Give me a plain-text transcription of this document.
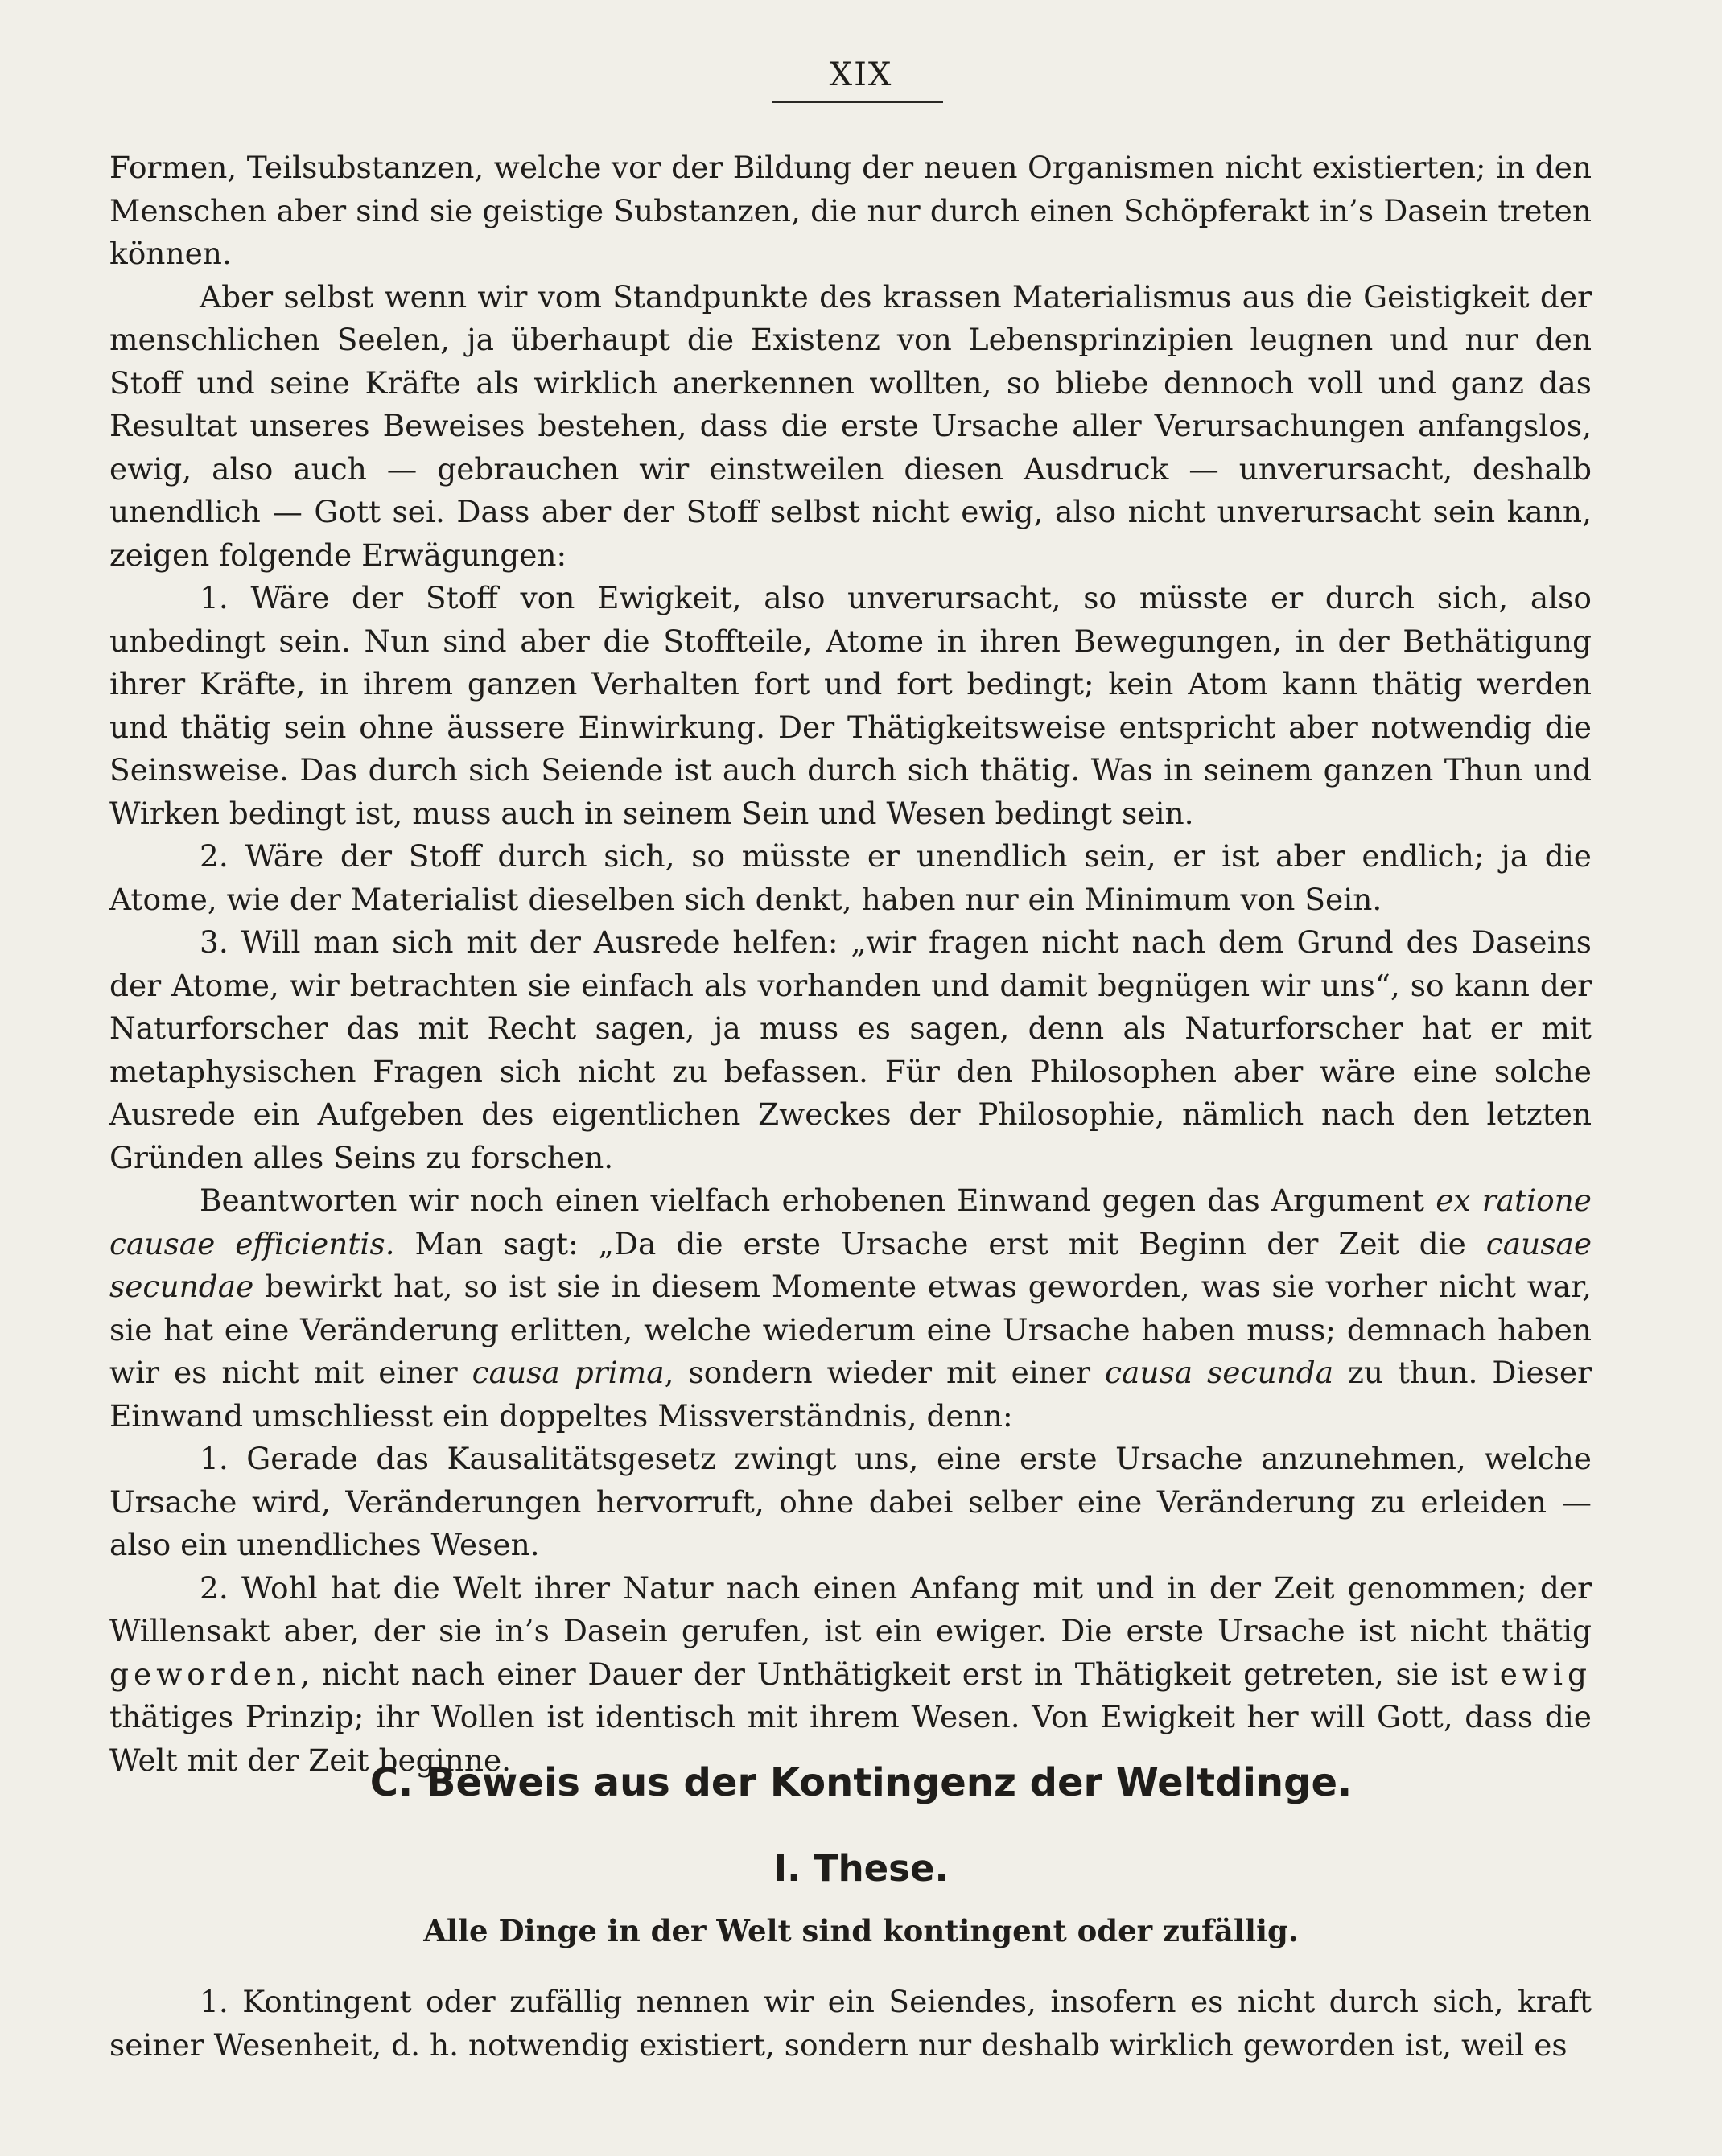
XIX

Formen, Teilsubstanzen, welche vor der Bildung der neuen Organismen nicht existierten; in den Menschen aber sind sie geistige Substanzen, die nur durch einen Schöpferakt in’s Dasein treten können.

Aber selbst wenn wir vom Standpunkte des krassen Materialismus aus die Geistigkeit der menschlichen Seelen, ja überhaupt die Existenz von Lebensprinzipien leugnen und nur den Stoff und seine Kräfte als wirklich anerkennen wollten, so bliebe dennoch voll und ganz das Resultat unseres Beweises bestehen, dass die erste Ursache aller Verursachungen anfangslos, ewig, also auch — gebrauchen wir einstweilen diesen Ausdruck — unverursacht, deshalb unendlich — Gott sei. Dass aber der Stoff selbst nicht ewig, also nicht unverursacht sein kann, zeigen folgende Erwägungen:

1. Wäre der Stoff von Ewigkeit, also unverursacht, so müsste er durch sich, also unbedingt sein. Nun sind aber die Stoffteile, Atome in ihren Bewegungen, in der Bethätigung ihrer Kräfte, in ihrem ganzen Verhalten fort und fort bedingt; kein Atom kann thätig werden und thätig sein ohne äussere Einwirkung. Der Thätigkeitsweise entspricht aber notwendig die Seinsweise. Das durch sich Seiende ist auch durch sich thätig. Was in seinem ganzen Thun und Wirken bedingt ist, muss auch in seinem Sein und Wesen bedingt sein.

2. Wäre der Stoff durch sich, so müsste er unendlich sein, er ist aber endlich; ja die Atome, wie der Materialist dieselben sich denkt, haben nur ein Minimum von Sein.

3. Will man sich mit der Ausrede helfen: „wir fragen nicht nach dem Grund des Daseins der Atome, wir betrachten sie einfach als vorhanden und damit begnügen wir uns“, so kann der Naturforscher das mit Recht sagen, ja muss es sagen, denn als Naturforscher hat er mit metaphysischen Fragen sich nicht zu befassen. Für den Philosophen aber wäre eine solche Ausrede ein Aufgeben des eigentlichen Zweckes der Philosophie, nämlich nach den letzten Gründen alles Seins zu forschen.

Beantworten wir noch einen vielfach erhobenen Einwand gegen das Argument ex ratione causae efficientis. Man sagt: „Da die erste Ursache erst mit Beginn der Zeit die causae secundae bewirkt hat, so ist sie in diesem Momente etwas geworden, was sie vorher nicht war, sie hat eine Veränderung erlitten, welche wiederum eine Ursache haben muss; demnach haben wir es nicht mit einer causa prima, sondern wieder mit einer causa secunda zu thun. Dieser Einwand umschliesst ein doppeltes Missverständnis, denn:

1. Gerade das Kausalitätsgesetz zwingt uns, eine erste Ursache anzunehmen, welche Ursache wird, Veränderungen hervorruft, ohne dabei selber eine Veränderung zu erleiden — also ein unendliches Wesen.

2. Wohl hat die Welt ihrer Natur nach einen Anfang mit und in der Zeit genommen; der Willensakt aber, der sie in’s Dasein gerufen, ist ein ewiger. Die erste Ursache ist nicht thätig geworden, nicht nach einer Dauer der Unthätigkeit erst in Thätigkeit getreten, sie ist ewig thätiges Prinzip; ihr Wollen ist identisch mit ihrem Wesen. Von Ewigkeit her will Gott, dass die Welt mit der Zeit beginne.

C. Beweis aus der Kontingenz der Weltdinge.
I. These.
Alle Dinge in der Welt sind kontingent oder zufällig.

1. Kontingent oder zufällig nennen wir ein Seiendes, insofern es nicht durch sich, kraft seiner Wesenheit, d. h. notwendig existiert, sondern nur deshalb wirklich geworden ist, weil es
